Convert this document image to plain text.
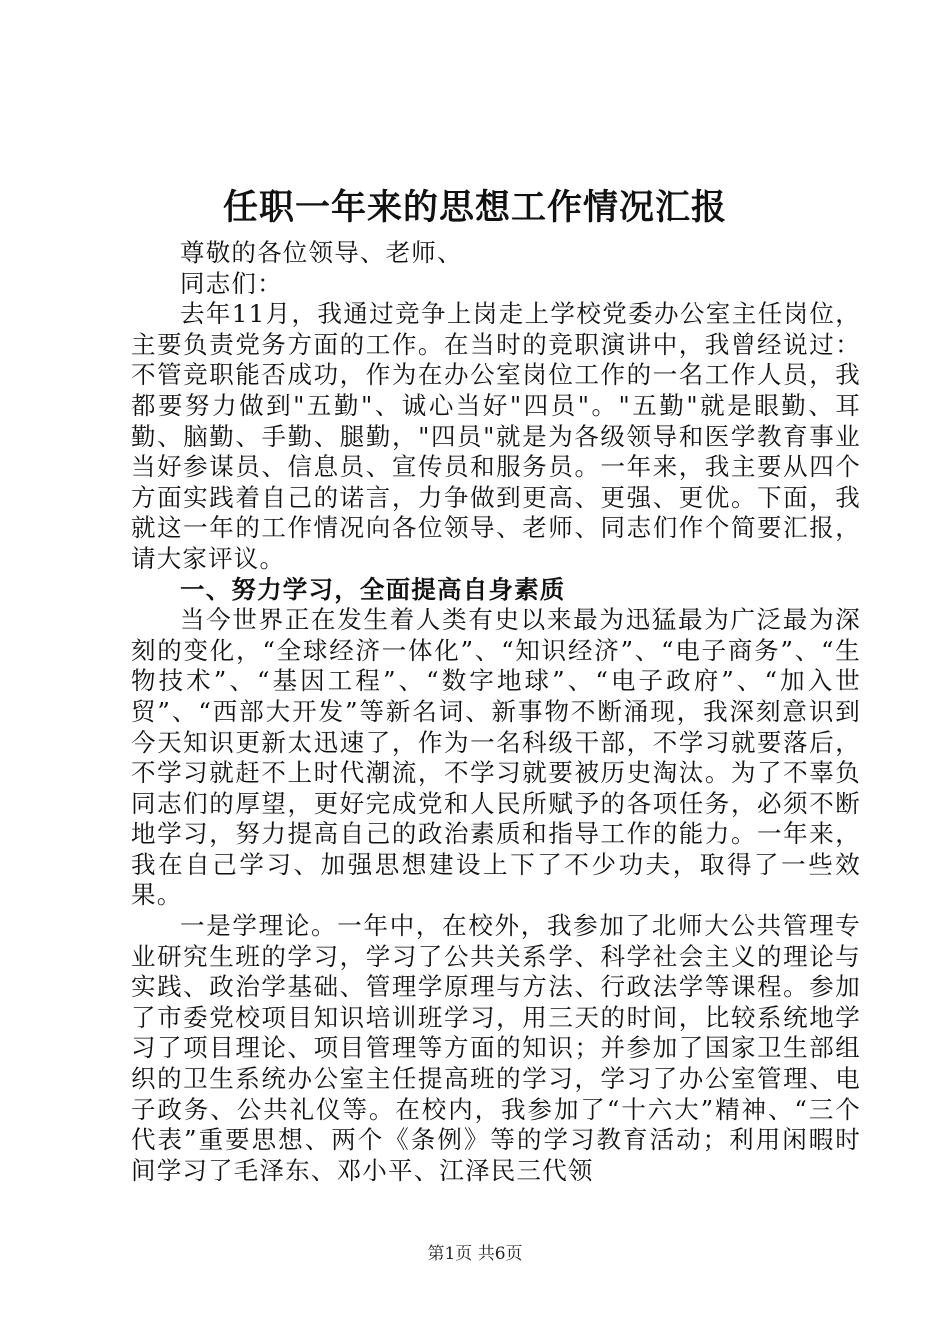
任职一年来的思想工作情况汇报

尊敬的各位领导、老师、

同志们：

去年11月，我通过竞争上岗走上学校党委办公室主任岗位，主要负责党务方面的工作。在当时的竞职演讲中，我曾经说过：不管竞职能否成功，作为在办公室岗位工作的一名工作人员，我都要努力做到"五勤"、诚心当好"四员"。"五勤"就是眼勤、耳勤、脑勤、手勤、腿勤，"四员"就是为各级领导和医学教育事业当好参谋员、信息员、宣传员和服务员。一年来，我主要从四个方面实践着自己的诺言，力争做到更高、更强、更优。下面，我就这一年的工作情况向各位领导、老师、同志们作个简要汇报，请大家评议。

一、努力学习，全面提高自身素质

当今世界正在发生着人类有史以来最为迅猛最为广泛最为深刻的变化，“全球经济一体化”、“知识经济”、“电子商务”、“生物技术”、“基因工程”、“数字地球”、“电子政府”、“加入世贸”、“西部大开发”等新名词、新事物不断涌现，我深刻意识到今天知识更新太迅速了，作为一名科级干部，不学习就要落后，不学习就赶不上时代潮流，不学习就要被历史淘汰。为了不辜负同志们的厚望，更好完成党和人民所赋予的各项任务，必须不断地学习，努力提高自己的政治素质和指导工作的能力。一年来，我在自己学习、加强思想建设上下了不少功夫，取得了一些效果。

一是学理论。一年中，在校外，我参加了北师大公共管理专业研究生班的学习，学习了公共关系学、科学社会主义的理论与实践、政治学基础、管理学原理与方法、行政法学等课程。参加了市委党校项目知识培训班学习，用三天的时间，比较系统地学习了项目理论、项目管理等方面的知识；并参加了国家卫生部组织的卫生系统办公室主任提高班的学习，学习了办公室管理、电子政务、公共礼仪等。在校内，我参加了“十六大”精神、“三个代表”重要思想、两个《条例》等的学习教育活动；利用闲暇时间学习了毛泽东、邓小平、江泽民三代领

第1页 共6页
